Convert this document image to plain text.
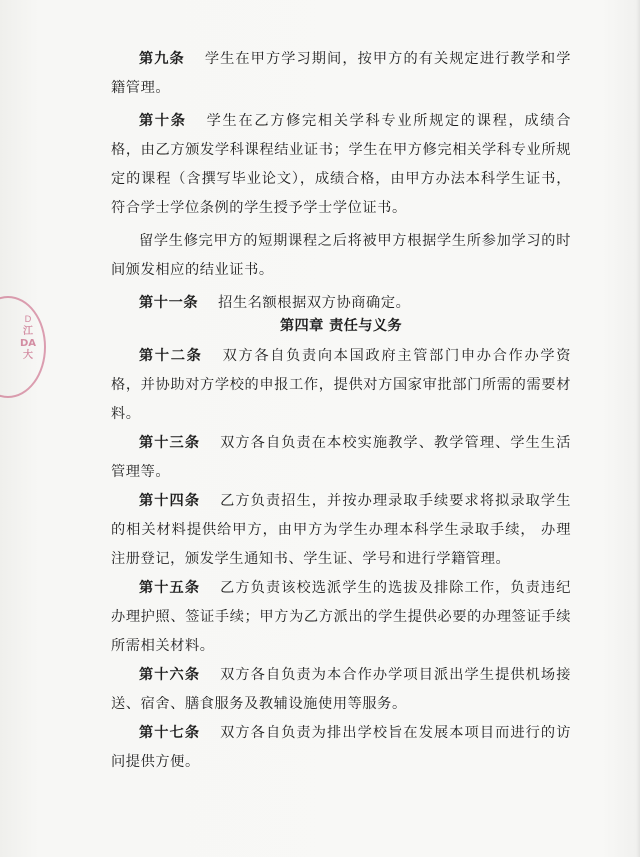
D
江
DA
大

第九条 学生在甲方学习期间，按甲方的有关规定进行教学和学籍管理。

第十条 学生在乙方修完相关学科专业所规定的课程，成绩合格，由乙方颁发学科课程结业证书；学生在甲方修完相关学科专业所规定的课程（含撰写毕业论文），成绩合格，由甲方办法本科学生证书，符合学士学位条例的学生授予学士学位证书。

留学生修完甲方的短期课程之后将被甲方根据学生所参加学习的时间颁发相应的结业证书。

第十一条 招生名额根据双方协商确定。

第四章 责任与义务

第十二条 双方各自负责向本国政府主管部门申办合作办学资格，并协助对方学校的申报工作，提供对方国家审批部门所需的需要材料。

第十三条 双方各自负责在本校实施教学、教学管理、学生生活管理等。

第十四条 乙方负责招生，并按办理录取手续要求将拟录取学生的相关材料提供给甲方，由甲方为学生办理本科学生录取手续， 办理注册登记，颁发学生通知书、学生证、学号和进行学籍管理。

第十五条 乙方负责该校选派学生的选拔及排除工作，负责违纪办理护照、签证手续；甲方为乙方派出的学生提供必要的办理签证手续所需相关材料。

第十六条 双方各自负责为本合作办学项目派出学生提供机场接送、宿舍、膳食服务及教辅设施使用等服务。

第十七条 双方各自负责为排出学校旨在发展本项目而进行的访问提供方便。
